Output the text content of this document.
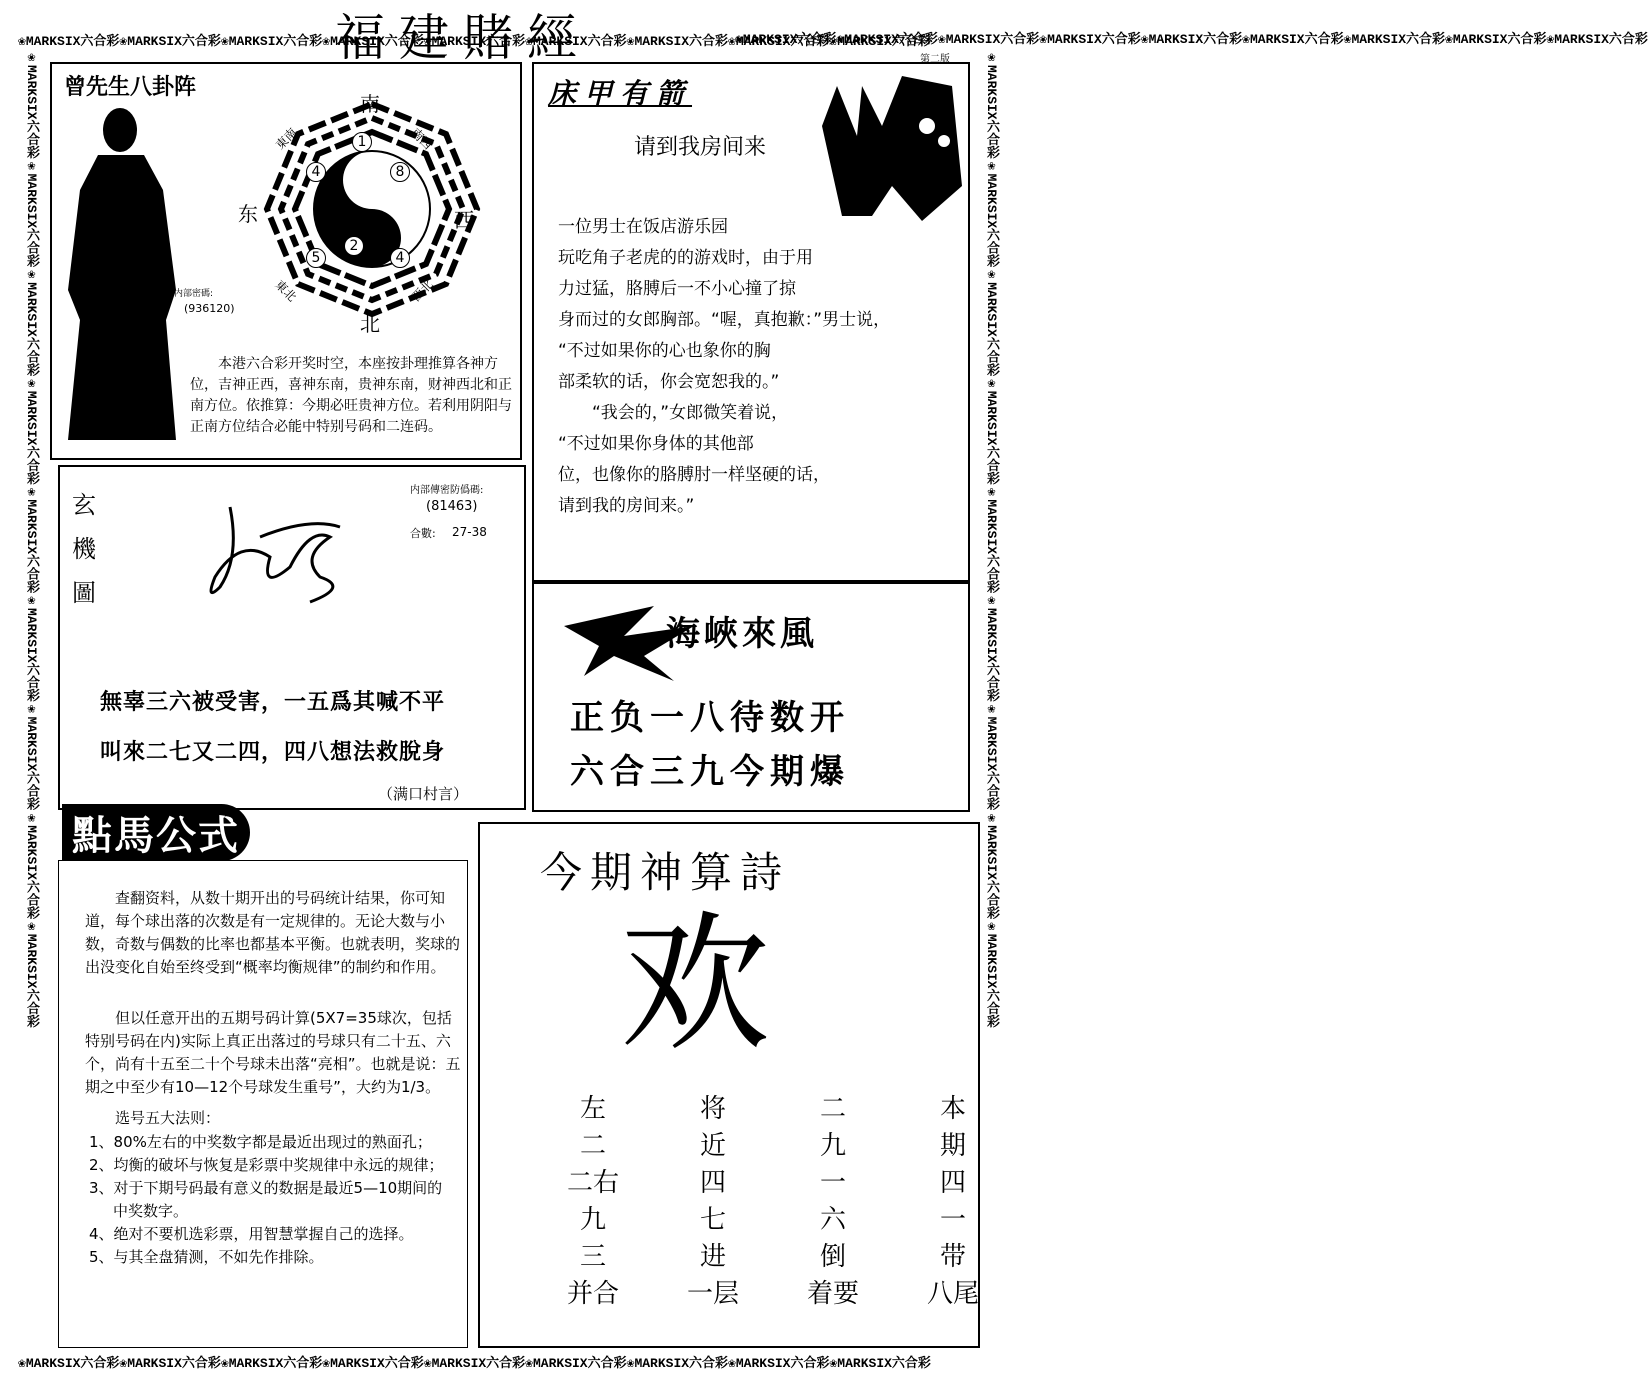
❀MARKSIX六合彩❀MARKSIX六合彩❀MARKSIX六合彩❀MARKSIX六合彩❀MARKSIX六合彩❀MARKSIX六合彩❀MARKSIX六合彩❀MARKSIX六合彩❀MARKSIX六合彩
❀MARKSIX六合彩❀MARKSIX六合彩❀MARKSIX六合彩❀MARKSIX六合彩❀MARKSIX六合彩❀MARKSIX六合彩❀MARKSIX六合彩❀MARKSIX六合彩❀MARKSIX六合彩
❀MARKSIX六合彩❀MARKSIX六合彩❀MARKSIX六合彩❀MARKSIX六合彩❀MARKSIX六合彩❀MARKSIX六合彩❀MARKSIX六合彩❀MARKSIX六合彩❀MARKSIX六合彩
❀MARKSIX六合彩❀MARKSIX六合彩❀MARKSIX六合彩❀MARKSIX六合彩❀MARKSIX六合彩❀MARKSIX六合彩❀MARKSIX六合彩❀MARKSIX六合彩❀MARKSIX六合彩	❀MARKSIX六合彩❀MARKSIX六合彩❀MARKSIX六合彩❀MARKSIX六合彩❀MARKSIX六合彩❀MARKSIX六合彩❀MARKSIX六合彩❀MARKSIX六合彩❀MARKSIX六合彩
福建賭經	第二版
曾先生八卦阵
内部密碼:
(936120)
1
4	8
5
2
4
南
北
东	西
東南	南西
東北	西北
本港六合彩开奖时空，本座按卦理推算各神方位，吉神正西，喜神东南，贵神东南，财神西北和正南方位。依推算：今期必旺贵神方位。若利用阴阳与正南方位结合必能中特别号码和二连码。
床甲有箭
请到我房间来
一位男士在饭店游乐园
玩吃角子老虎的的游戏时，由于用
力过猛，胳膊后一不小心撞了掠
身而过的女郎胸部。“喔，真抱歉：”男士说，
“不过如果你的心也象你的胸
部柔软的话，你会宽恕我的。”
　　“我会的，”女郎微笑着说，
“不过如果你身体的其他部
位，也像你的胳膊肘一样坚硬的话，
请到我的房间来。”
玄
機
圖
内部傳密防僞碼:
(81463)
合數: 27-38
無辜三六被受害，一五爲其喊不平
叫來二七又二四，四八想法救脫身
（满口村言）
海峽來風
正负一八待数开
六合三九今期爆
點馬公式
查翻资料，从数十期开出的号码统计结果，你可知道，每个球出落的次数是有一定规律的。无论大数与小数，奇数与偶数的比率也都基本平衡。也就表明，奖球的出没变化自始至终受到“概率均衡规律”的制约和作用。
但以任意开出的五期号码计算(5X7=35球次，包括特别号码在内)实际上真正出落过的号球只有二十五、六个，尚有十五至二十个号球未出落“亮相”。也就是说：五期之中至少有10—12个号球发生重号”，大约为1/3。
选号五大法则：
1、80%左右的中奖数字都是最近出现过的熟面孔；
2、均衡的破坏与恢复是彩票中奖规律中永远的规律；
3、对于下期号码最有意义的数据是最近5—10期间的中奖数字。
4、绝对不要机选彩票，用智慧掌握自己的选择。
5、与其全盘猜测，不如先作排除。
今期神算詩
欢
左	将	二	本
二	近	九	期
二右	四	一	四
九	七	六	一
三	进	倒	带
并合	一层	着要	八尾
